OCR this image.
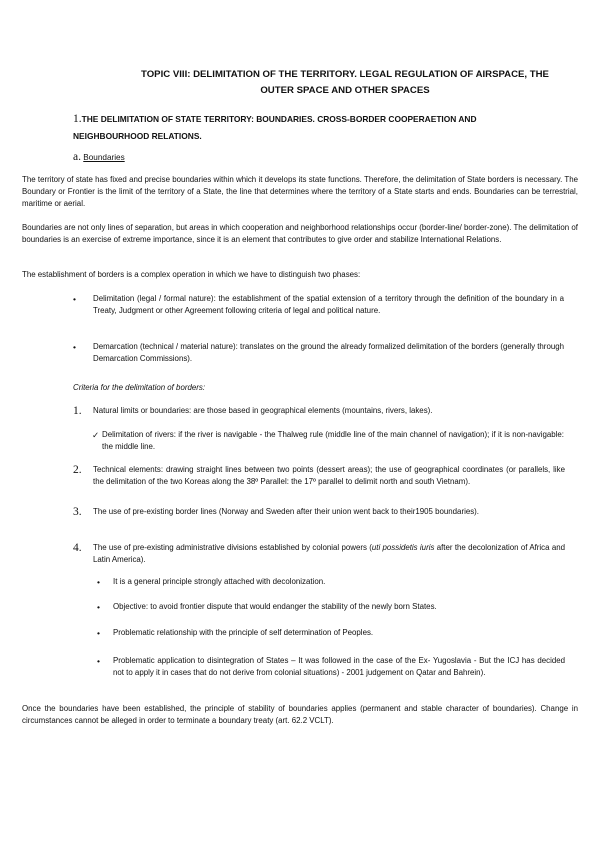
TOPIC VIII: DELIMITATION OF THE TERRITORY. LEGAL REGULATION OF AIRSPACE, THE
OUTER SPACE AND OTHER SPACES
1.THE DELIMITATION OF STATE TERRITORY: BOUNDARIES. CROSS-BORDER COOPERAETION AND
NEIGHBOURHOOD RELATIONS.
a. Boundaries

The territory of state has fixed and precise boundaries within which it develops its state functions. Therefore, the delimitation of State borders is necessary. The Boundary or Frontier is the limit of the territory of a State, the line that determines where the territory of a State starts and ends. Boundaries can be terrestrial, maritime or aerial.

Boundaries are not only lines of separation, but areas in which cooperation and neighborhood relationships occur (border-line/ border-zone). The delimitation of boundaries is an exercise of extreme importance, since it is an element that contributes to give order and stabilize International Relations.

The establishment of borders is a complex operation in which we have to distinguish two phases:

• Delimitation (legal / formal nature): the establishment of the spatial extension of a territory through the definition of the boundary in a Treaty, Judgment or other Agreement following criteria of legal and political nature.

• Demarcation (technical / material nature): translates on the ground the already formalized delimitation of the borders (generally through Demarcation Commissions).

Criteria for the delimitation of borders:
1. Natural limits or boundaries: are those based in geographical elements (mountains, rivers, lakes).

✓ Delimitation of rivers: if the river is navigable - the Thalweg rule (middle line of the main channel of navigation); if it is non-navigable: the middle line.

2. Technical elements: drawing straight lines between two points (dessert areas); the use of geographical coordinates (or parallels, like the delimitation of the two Koreas along the 38º Parallel: the 17º parallel to delimit north and south Vietnam).

3. The use of pre-existing border lines (Norway and Sweden after their union went back to their1905 boundaries).

4. The use of pre-existing administrative divisions established by colonial powers (uti possidetis iuris after the decolonization of Africa and Latin America).

• It is a general principle strongly attached with decolonization.

• Objective: to avoid frontier dispute that would endanger the stability of the newly born States.

• Problematic relationship with the principle of self determination of Peoples.

• Problematic application to disintegration of States – It was followed in the case of the Ex- Yugoslavia - But the ICJ has decided not to apply it in cases that do not derive from colonial situations) - 2001 judgement on Qatar and Bahrein).

Once the boundaries have been established, the principle of stability of boundaries applies (permanent and stable character of boundaries). Change in circumstances cannot be alleged in order to terminate a boundary treaty (art. 62.2 VCLT).
